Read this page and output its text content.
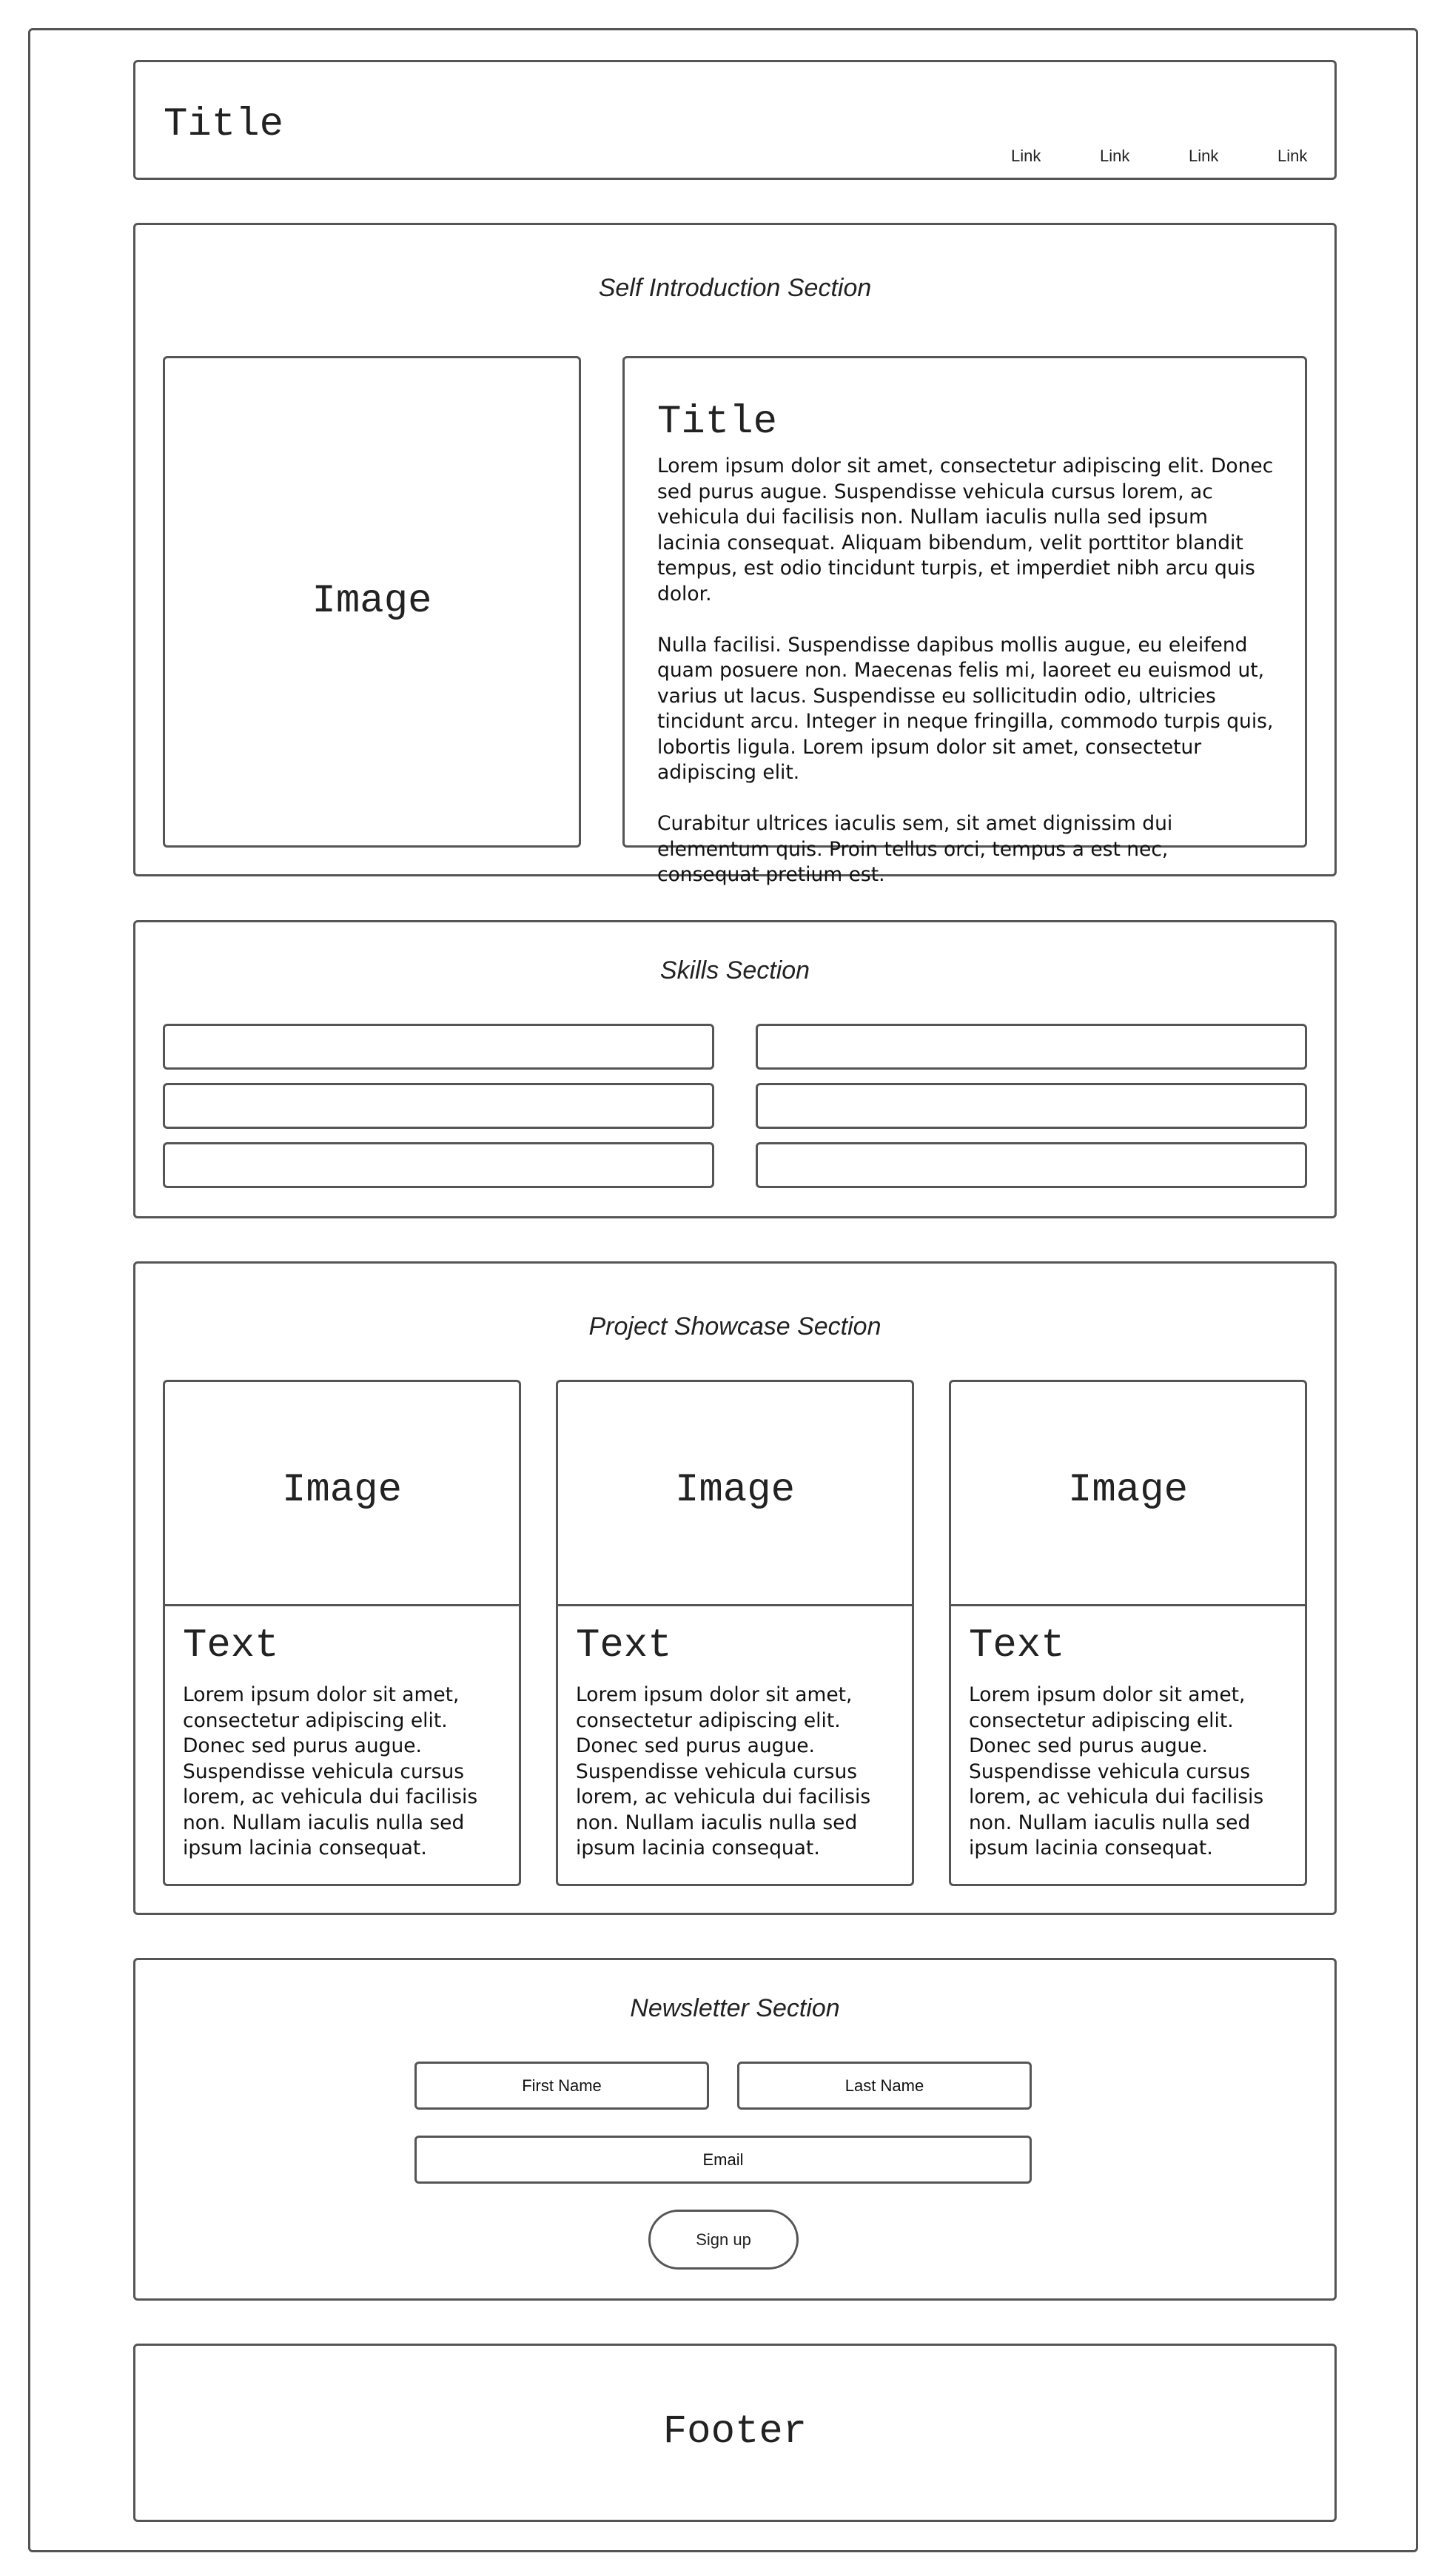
Title
Link	Link	Link	Link
Self Introduction Section
Image
Title

Lorem ipsum dolor sit amet, consectetur adipiscing elit. Donec sed purus augue. Suspendisse vehicula cursus lorem, ac vehicula dui facilisis non. Nullam iaculis nulla sed ipsum lacinia consequat. Aliquam bibendum, velit porttitor blandit tempus, est odio tincidunt turpis, et imperdiet nibh arcu quis dolor.

Nulla facilisi. Suspendisse dapibus mollis augue, eu eleifend quam posuere non. Maecenas felis mi, laoreet eu euismod ut, varius ut lacus. Suspendisse eu sollicitudin odio, ultricies tincidunt arcu. Integer in neque fringilla, commodo turpis quis, lobortis ligula. Lorem ipsum dolor sit amet, consectetur adipiscing elit.

Curabitur ultrices iaculis sem, sit amet dignissim dui elementum quis. Proin tellus orci, tempus a est nec, consequat pretium est.

Skills Section
Project Showcase Section
Image
Text

Lorem ipsum dolor sit amet, consectetur adipiscing elit. Donec sed purus augue. Suspendisse vehicula cursus lorem, ac vehicula dui facilisis non. Nullam iaculis nulla sed ipsum lacinia consequat.

Image
Text

Lorem ipsum dolor sit amet, consectetur adipiscing elit. Donec sed purus augue. Suspendisse vehicula cursus lorem, ac vehicula dui facilisis non. Nullam iaculis nulla sed ipsum lacinia consequat.

Image
Text

Lorem ipsum dolor sit amet, consectetur adipiscing elit. Donec sed purus augue. Suspendisse vehicula cursus lorem, ac vehicula dui facilisis non. Nullam iaculis nulla sed ipsum lacinia consequat.

Newsletter Section
First Name
Last Name
Email
Sign up
Footer
